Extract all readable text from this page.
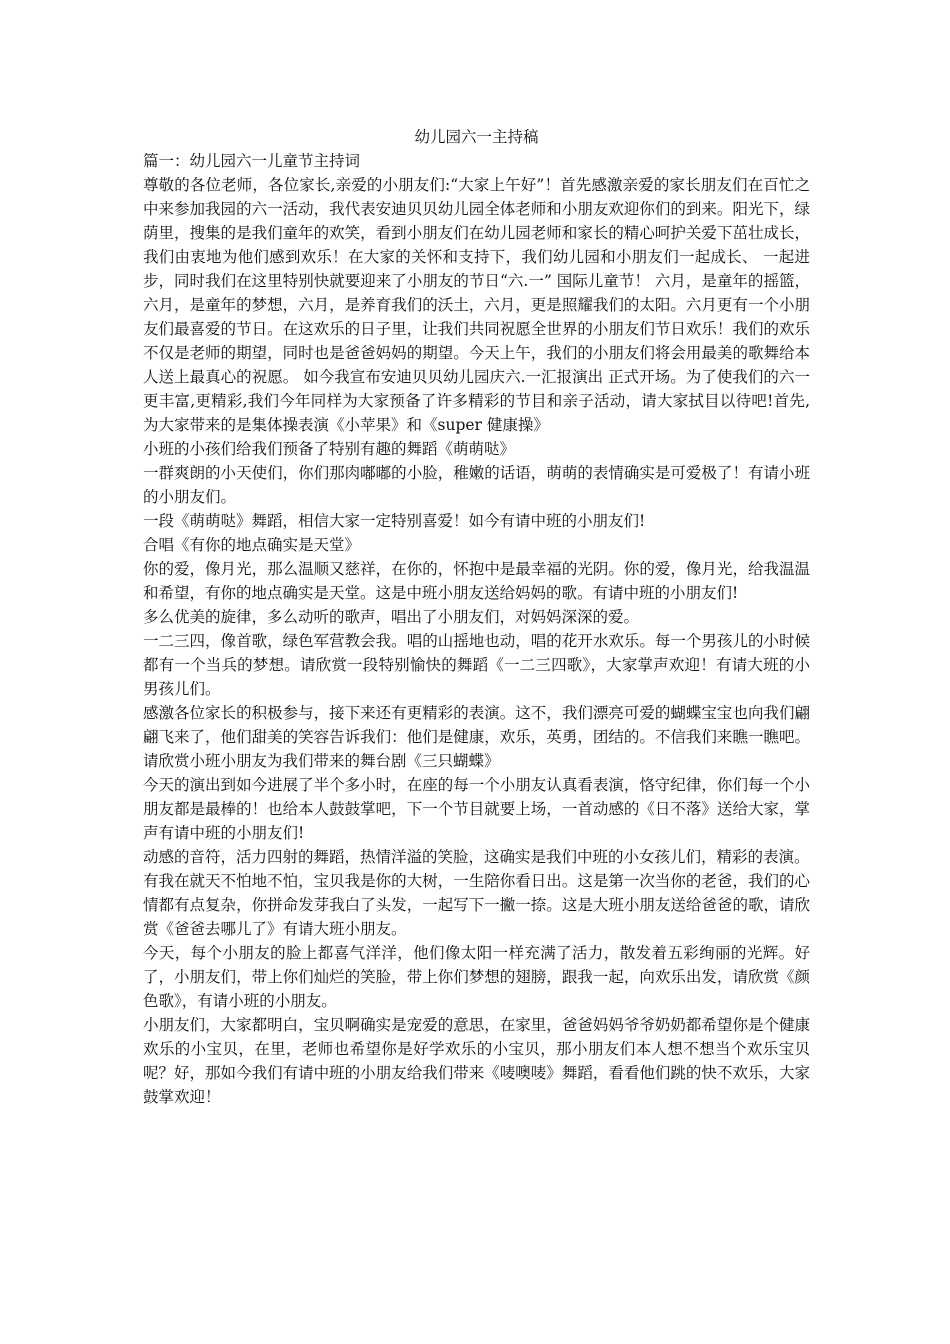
幼儿园六一主持稿

篇一：幼儿园六一儿童节主持词

尊敬的各位老师，各位家长,亲爱的小朋友们:“大家上午好”！首先感激亲爱的家长朋友们在百忙之中来参加我园的六一活动，我代表安迪贝贝幼儿园全体老师和小朋友欢迎你们的到来。阳光下，绿荫里，搜集的是我们童年的欢笑，看到小朋友们在幼儿园老师和家长的精心呵护关爱下茁壮成长，我们由衷地为他们感到欢乐！在大家的关怀和支持下，我们幼儿园和小朋友们一起成长、 一起进步，同时我们在这里特别快就要迎来了小朋友的节日“六.一” 国际儿童节！ 六月，是童年的摇篮，六月，是童年的梦想，六月，是养育我们的沃土，六月，更是照耀我们的太阳。六月更有一个小朋友们最喜爱的节日。在这欢乐的日子里，让我们共同祝愿全世界的小朋友们节日欢乐！我们的欢乐不仅是老师的期望，同时也是爸爸妈妈的期望。今天上午，我们的小朋友们将会用最美的歌舞给本人送上最真心的祝愿。 如今我宣布安迪贝贝幼儿园庆六.一汇报演出 正式开场。为了使我们的六一更丰富,更精彩,我们今年同样为大家预备了许多精彩的节目和亲子活动，请大家拭目以待吧!首先,为大家带来的是集体操表演《小苹果》和《super 健康操》

小班的小孩们给我们预备了特别有趣的舞蹈《萌萌哒》

一群爽朗的小天使们，你们那肉嘟嘟的小脸，稚嫩的话语，萌萌的表情确实是可爱极了！有请小班的小朋友们。

一段《萌萌哒》舞蹈，相信大家一定特别喜爱！如今有请中班的小朋友们!

合唱《有你的地点确实是天堂》

你的爱，像月光，那么温顺又慈祥，在你的，怀抱中是最幸福的光阴。你的爱，像月光，给我温温和希望，有你的地点确实是天堂。这是中班小朋友送给妈妈的歌。有请中班的小朋友们!

多么优美的旋律，多么动听的歌声，唱出了小朋友们，对妈妈深深的爱。

一二三四，像首歌，绿色军营教会我。唱的山摇地也动，唱的花开水欢乐。每一个男孩儿的小时候都有一个当兵的梦想。请欣赏一段特别愉快的舞蹈《一二三四歌》，大家掌声欢迎！有请大班的小男孩儿们。

感激各位家长的积极参与，接下来还有更精彩的表演。这不，我们漂亮可爱的蝴蝶宝宝也向我们翩翩飞来了，他们甜美的笑容告诉我们：他们是健康，欢乐，英勇，团结的。不信我们来瞧一瞧吧。请欣赏小班小朋友为我们带来的舞台剧《三只蝴蝶》

今天的演出到如今进展了半个多小时，在座的每一个小朋友认真看表演，恪守纪律，你们每一个小朋友都是最棒的！也给本人鼓鼓掌吧，下一个节目就要上场，一首动感的《日不落》送给大家，掌声有请中班的小朋友们!

动感的音符，活力四射的舞蹈，热情洋溢的笑脸，这确实是我们中班的小女孩儿们，精彩的表演。

有我在就天不怕地不怕，宝贝我是你的大树，一生陪你看日出。这是第一次当你的老爸，我们的心情都有点复杂，你拼命发芽我白了头发，一起写下一撇一捺。这是大班小朋友送给爸爸的歌，请欣赏《爸爸去哪儿了》有请大班小朋友。

今天，每个小朋友的脸上都喜气洋洋，他们像太阳一样充满了活力，散发着五彩绚丽的光辉。好了，小朋友们，带上你们灿烂的笑脸，带上你们梦想的翅膀，跟我一起，向欢乐出发，请欣赏《颜色歌》，有请小班的小朋友。

小朋友们，大家都明白，宝贝啊确实是宠爱的意思，在家里，爸爸妈妈爷爷奶奶都希望你是个健康欢乐的小宝贝，在里，老师也希望你是好学欢乐的小宝贝，那小朋友们本人想不想当个欢乐宝贝呢？好，那如今我们有请中班的小朋友给我们带来《唛噢唛》舞蹈，看看他们跳的快不欢乐，大家鼓掌欢迎！
